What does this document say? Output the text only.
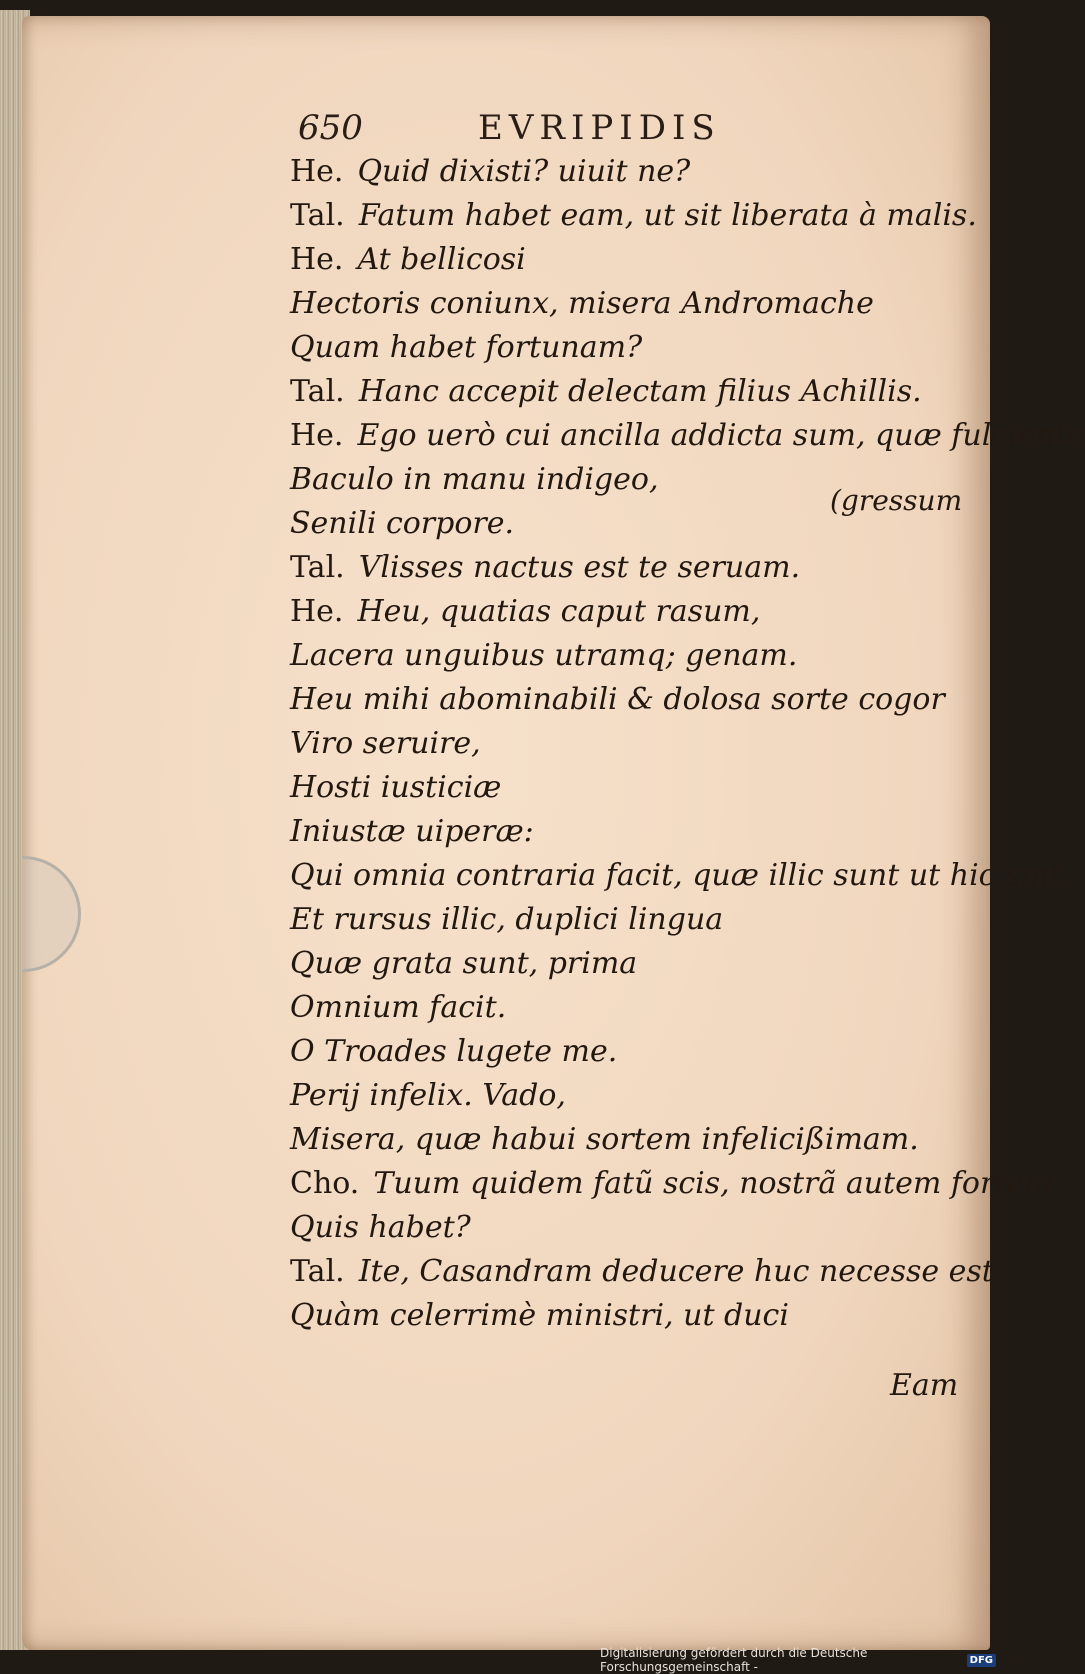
650	EVRIPIDIS
He. Quid dixisti? uiuit ne?
Tal. Fatum habet eam, ut sit liberata à malis.
He. At bellicosi
Hectoris coniunx, misera Andromache
Quam habet fortunam?
Tal. Hanc accepit delectam filius Achillis.
He. Ego uerò cui ancilla addicta sum, quæ fulciente
Baculo in manu indigeo,
Senili corpore.
Tal. Vlisses nactus est te seruam.
He. Heu, quatias caput rasum,
Lacera unguibus utramq; genam.
Heu mihi abominabili & dolosa sorte cogor
Viro seruire,
Hosti iusticiæ
Iniustæ uiperæ:
Qui omnia contraria facit, quæ illic sunt ut hic sint,
Et rursus illic, duplici lingua
Quæ grata sunt, prima
Omnium facit.
O Troades lugete me.
Perij infelix. Vado,
Misera, quæ habui sortem infelicißimam.
Cho. Tuum quidem fatũ scis, nostrã autem fortem
Quis habet?
Tal. Ite, Casandram deducere huc necesse est
Quàm celerrimè ministri, ut duci
(gressum
Eam
Digitalisierung gefördert durch die Deutsche Forschungsgemeinschaft -	DFG
